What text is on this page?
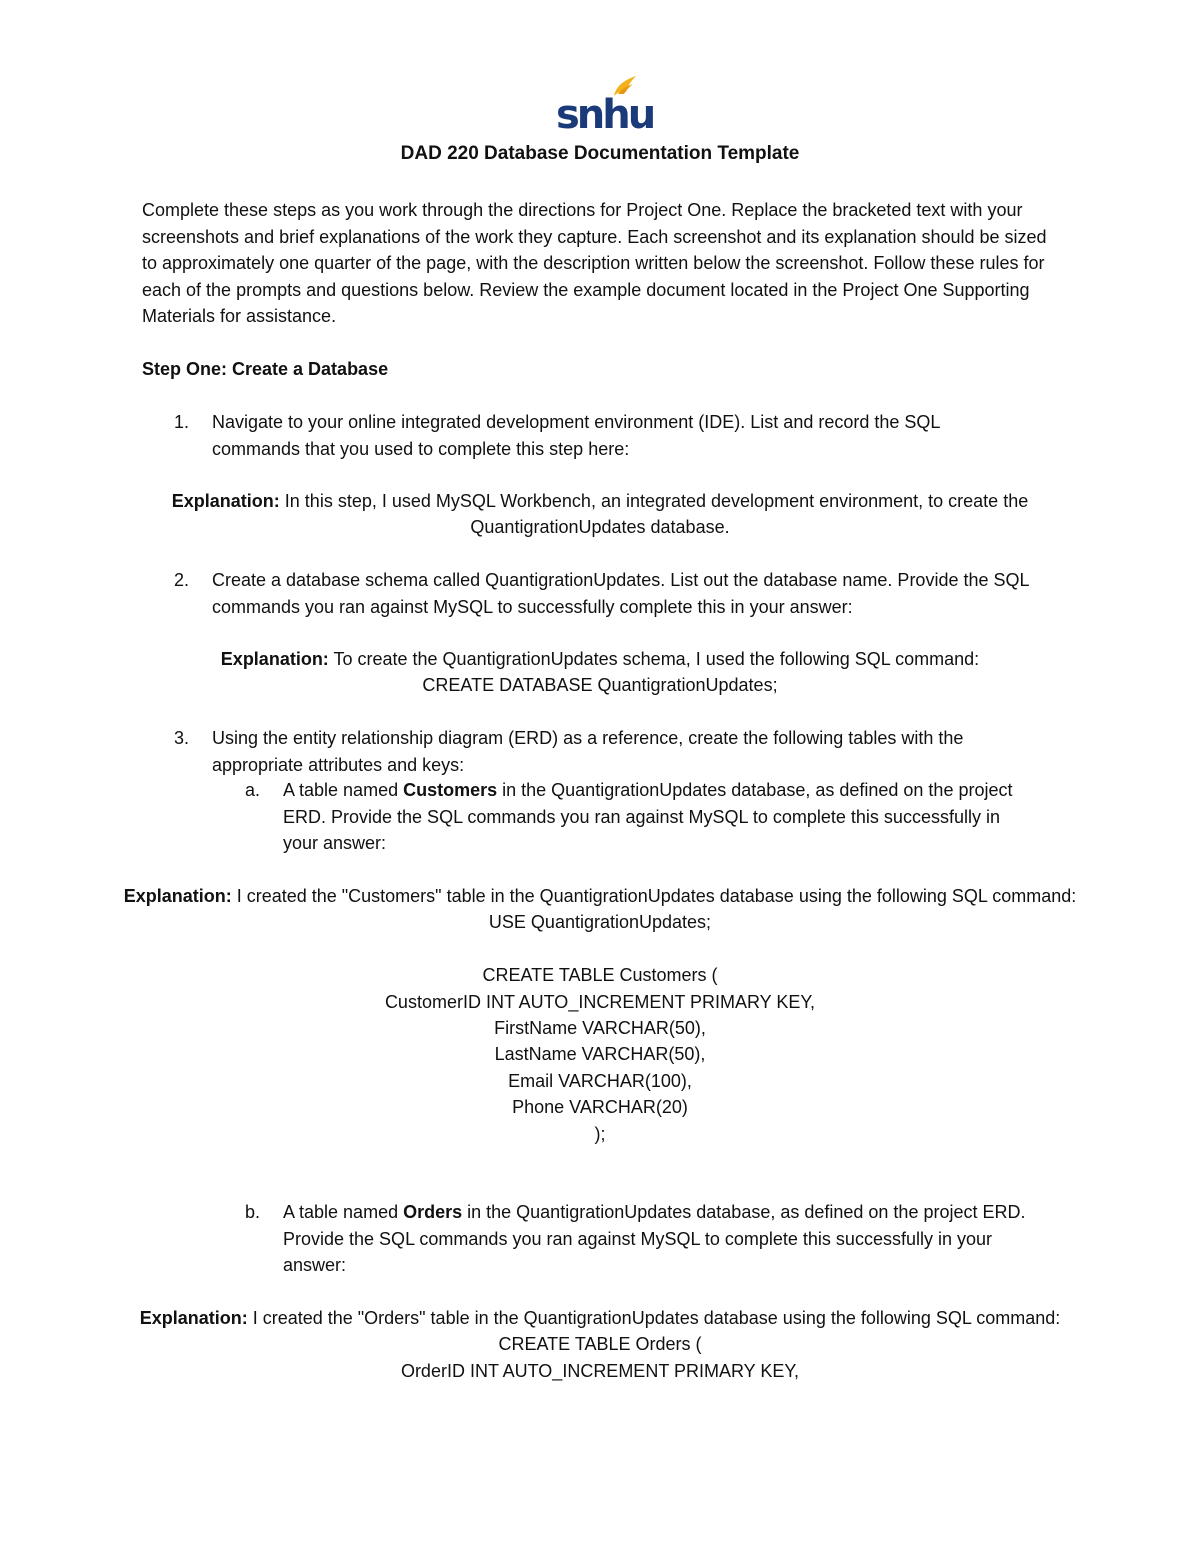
snhu
DAD 220 Database Documentation Template
Complete these steps as you work through the directions for Project One. Replace the bracketed text with your screenshots and brief explanations of the work they capture. Each screenshot and its explanation should be sized to approximately one quarter of the page, with the description written below the screenshot. Follow these rules for each of the prompts and questions below. Review the example document located in the Project One Supporting Materials for assistance.
Step One: Create a Database
1. Navigate to your online integrated development environment (IDE). List and record the SQL commands that you used to complete this step here:
Explanation: In this step, I used MySQL Workbench, an integrated development environment, to create the QuantigrationUpdates database.
2. Create a database schema called QuantigrationUpdates. List out the database name. Provide the SQL commands you ran against MySQL to successfully complete this in your answer:
Explanation: To create the QuantigrationUpdates schema, I used the following SQL command:
CREATE DATABASE QuantigrationUpdates;
3. Using the entity relationship diagram (ERD) as a reference, create the following tables with the appropriate attributes and keys:
a. A table named Customers in the QuantigrationUpdates database, as defined on the project ERD. Provide the SQL commands you ran against MySQL to complete this successfully in your answer:
Explanation: I created the "Customers" table in the QuantigrationUpdates database using the following SQL command:
USE QuantigrationUpdates;
CREATE TABLE Customers (
CustomerID INT AUTO_INCREMENT PRIMARY KEY,
FirstName VARCHAR(50),
LastName VARCHAR(50),
Email VARCHAR(100),
Phone VARCHAR(20)
);
b. A table named Orders in the QuantigrationUpdates database, as defined on the project ERD. Provide the SQL commands you ran against MySQL to complete this successfully in your answer:
Explanation: I created the "Orders" table in the QuantigrationUpdates database using the following SQL command:
CREATE TABLE Orders (
OrderID INT AUTO_INCREMENT PRIMARY KEY,
